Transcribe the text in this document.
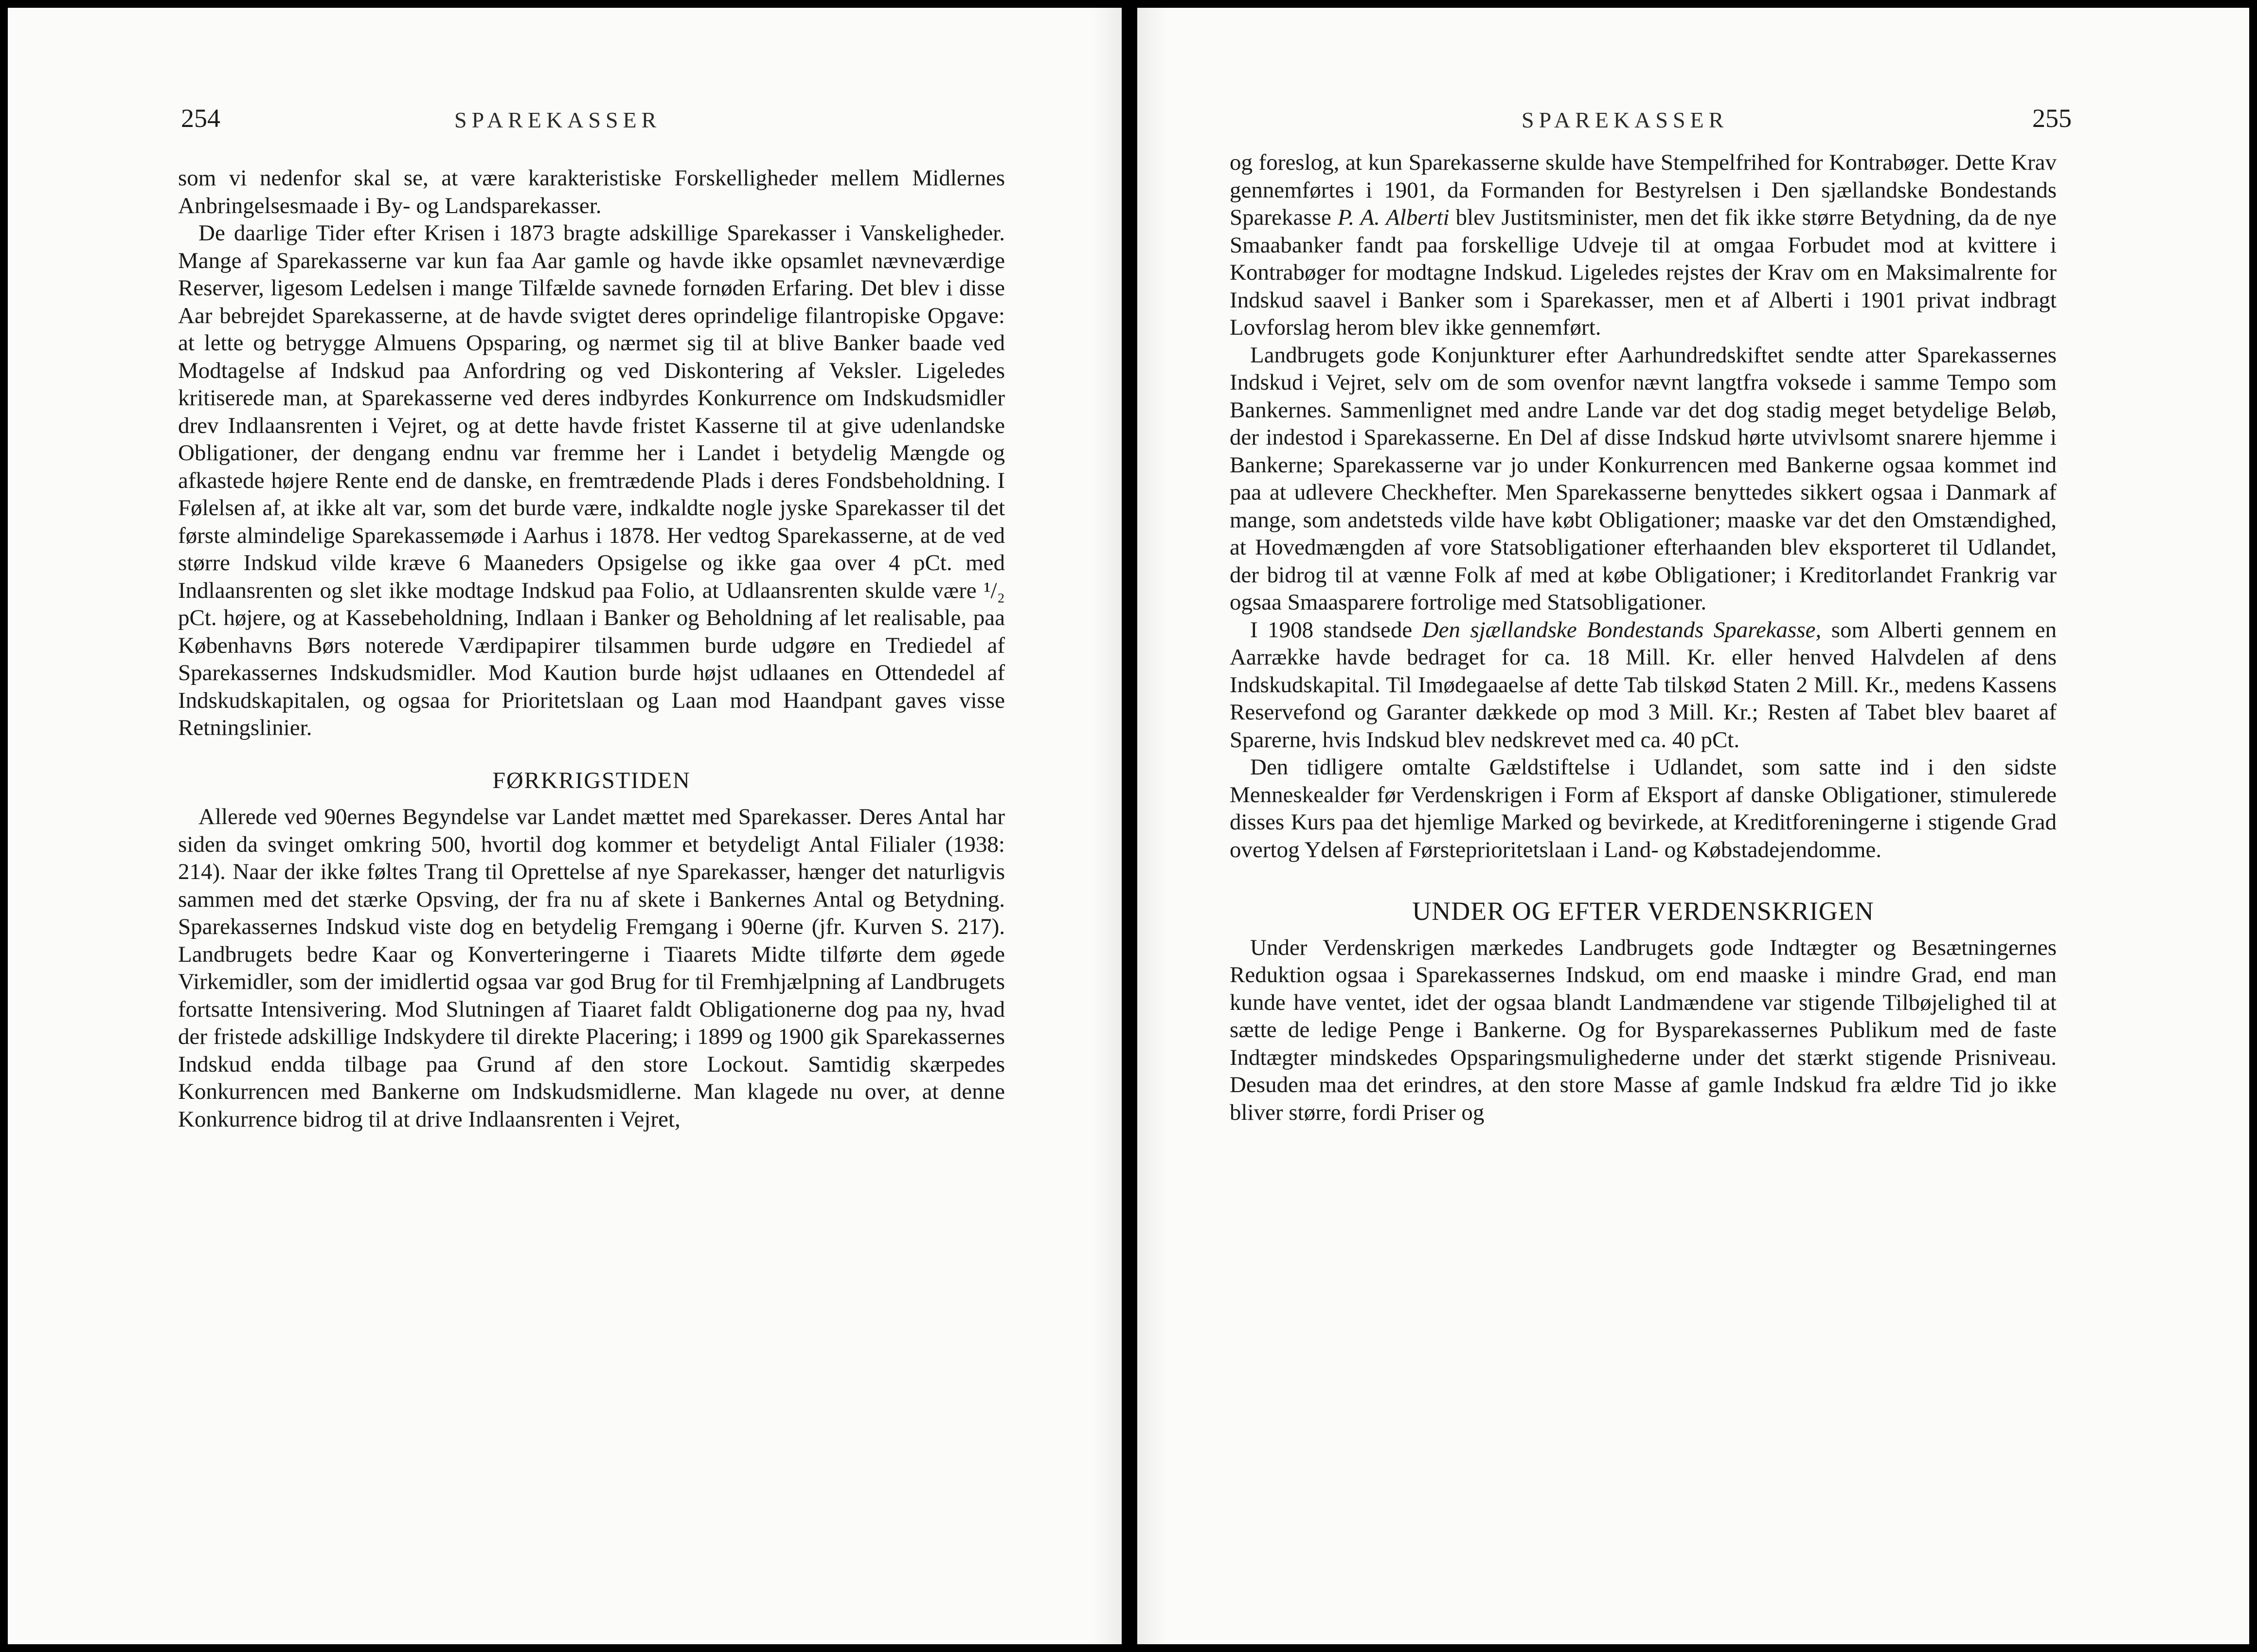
254	SPAREKASSER

som vi nedenfor skal se, at være karakteristiske Forskelligheder mellem Midlernes Anbringelsesmaade i By- og Landsparekasser.

De daarlige Tider efter Krisen i 1873 bragte adskillige Sparekasser i Vanskeligheder. Mange af Sparekasserne var kun faa Aar gamle og havde ikke opsamlet nævneværdige Reserver, ligesom Ledelsen i mange Tilfælde savnede fornøden Erfaring. Det blev i disse Aar bebrejdet Sparekasserne, at de havde svigtet deres oprindelige filantropiske Opgave: at lette og betrygge Almuens Opsparing, og nærmet sig til at blive Banker baade ved Modtagelse af Indskud paa Anfordring og ved Diskontering af Veksler. Ligeledes kritiserede man, at Sparekasserne ved deres indbyrdes Konkurrence om Indskudsmidler drev Indlaansrenten i Vejret, og at dette havde fristet Kasserne til at give udenlandske Obligationer, der dengang endnu var fremme her i Landet i betydelig Mængde og afkastede højere Rente end de danske, en fremtrædende Plads i deres Fondsbeholdning. I Følelsen af, at ikke alt var, som det burde være, indkaldte nogle jyske Sparekasser til det første almindelige Sparekassemøde i Aarhus i 1878. Her vedtog Sparekasserne, at de ved større Indskud vilde kræve 6 Maaneders Opsigelse og ikke gaa over 4 pCt. med Indlaansrenten og slet ikke modtage Indskud paa Folio, at Udlaansrenten skulde være ¹/₂ pCt. højere, og at Kassebeholdning, Indlaan i Banker og Beholdning af let realisable, paa Københavns Børs noterede Værdipapirer tilsammen burde udgøre en Trediedel af Sparekassernes Indskudsmidler. Mod Kaution burde højst udlaanes en Ottendedel af Indskudskapitalen, og ogsaa for Prioritetslaan og Laan mod Haandpant gaves visse Retningslinier.

FØRKRIGSTIDEN

Allerede ved 90ernes Begyndelse var Landet mættet med Sparekasser. Deres Antal har siden da svinget omkring 500, hvortil dog kommer et betydeligt Antal Filialer (1938: 214). Naar der ikke føltes Trang til Oprettelse af nye Sparekasser, hænger det naturligvis sammen med det stærke Opsving, der fra nu af skete i Bankernes Antal og Betydning. Sparekassernes Indskud viste dog en betydelig Fremgang i 90erne (jfr. Kurven S. 217). Landbrugets bedre Kaar og Konverteringerne i Tiaarets Midte tilførte dem øgede Virkemidler, som der imidlertid ogsaa var god Brug for til Fremhjælpning af Landbrugets fortsatte Intensivering. Mod Slutningen af Tiaaret faldt Obligationerne dog paa ny, hvad der fristede adskillige Indskydere til direkte Placering; i 1899 og 1900 gik Sparekassernes Indskud endda tilbage paa Grund af den store Lockout. Samtidig skærpedes Konkurrencen med Bankerne om Indskudsmidlerne. Man klagede nu over, at denne Konkurrence bidrog til at drive Indlaansrenten i Vejret,

SPAREKASSER	255

og foreslog, at kun Sparekasserne skulde have Stempelfrihed for Kontrabøger. Dette Krav gennemførtes i 1901, da Formanden for Bestyrelsen i Den sjællandske Bondestands Sparekasse P. A. Alberti blev Justitsminister, men det fik ikke større Betydning, da de nye Smaabanker fandt paa forskellige Udveje til at omgaa Forbudet mod at kvittere i Kontrabøger for modtagne Indskud. Ligeledes rejstes der Krav om en Maksimalrente for Indskud saavel i Banker som i Sparekasser, men et af Alberti i 1901 privat indbragt Lovforslag herom blev ikke gennemført.

Landbrugets gode Konjunkturer efter Aarhundredskiftet sendte atter Sparekassernes Indskud i Vejret, selv om de som ovenfor nævnt langtfra voksede i samme Tempo som Bankernes. Sammenlignet med andre Lande var det dog stadig meget betydelige Beløb, der indestod i Sparekasserne. En Del af disse Indskud hørte utvivlsomt snarere hjemme i Bankerne; Sparekasserne var jo under Konkurrencen med Bankerne ogsaa kommet ind paa at udlevere Checkhefter. Men Sparekasserne benyttedes sikkert ogsaa i Danmark af mange, som andetsteds vilde have købt Obligationer; maaske var det den Omstændighed, at Hovedmængden af vore Statsobligationer efterhaanden blev eksporteret til Udlandet, der bidrog til at vænne Folk af med at købe Obligationer; i Kreditorlandet Frankrig var ogsaa Smaasparere fortrolige med Statsobligationer.

I 1908 standsede Den sjællandske Bondestands Sparekasse, som Alberti gennem en Aarrække havde bedraget for ca. 18 Mill. Kr. eller henved Halvdelen af dens Indskudskapital. Til Imødegaaelse af dette Tab tilskød Staten 2 Mill. Kr., medens Kassens Reservefond og Garanter dækkede op mod 3 Mill. Kr.; Resten af Tabet blev baaret af Sparerne, hvis Indskud blev nedskrevet med ca. 40 pCt.

Den tidligere omtalte Gældstiftelse i Udlandet, som satte ind i den sidste Menneskealder før Verdenskrigen i Form af Eksport af danske Obligationer, stimulerede disses Kurs paa det hjemlige Marked og bevirkede, at Kreditforeningerne i stigende Grad overtog Ydelsen af Førsteprioritetslaan i Land- og Købstadejendomme.

UNDER OG EFTER VERDENSKRIGEN

Under Verdenskrigen mærkedes Landbrugets gode Indtægter og Besætningernes Reduktion ogsaa i Sparekassernes Indskud, om end maaske i mindre Grad, end man kunde have ventet, idet der ogsaa blandt Landmændene var stigende Tilbøjelighed til at sætte de ledige Penge i Bankerne. Og for Bysparekassernes Publikum med de faste Indtægter mindskedes Opsparingsmulighederne under det stærkt stigende Prisniveau. Desuden maa det erindres, at den store Masse af gamle Indskud fra ældre Tid jo ikke bliver større, fordi Priser og
